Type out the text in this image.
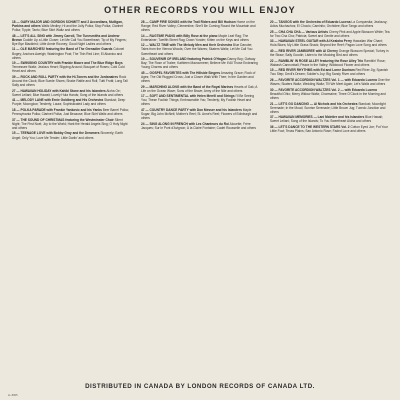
OTHER RECORDS YOU WILL ENJOY
18 — GARY MAJOR AND GORDON SCHMITT and 2 Accordians, Mulligan, Parkins and others Waltz Medley; Hi and the Jolly Polka; Stop Polka; Clarinet Polka; Tipple; Tanto; Blue Skirt Waltz and others
48 — LET'S ALL SING with Jimmy Carroll, The Tunesmiths and Andrew Brown Cuddle Up a Little Closer; Let Me Call You Sweetheart; Tip of My Fingers; Bye Bye Blackbird; Little Annie Rooney; Good Night Ladies and others
11 — OLE MARCHES! featuring the Band of The Grenadier Guards Colonel Bogey; Anchors Aweigh; Washington Post; The Thin Red Line; El Abanico and others
19 — SWINGING COUNTRY with Frankie Moore and The Blue Ridge Boys Tennessee Waltz; Jealous Heart; Slipping Around; Bouquet of Roses; Cold Cold Heart and others
39 — ROCK AND ROLL PARTY with the Hi-Toners and the Jordanaires Rock Around the Clock; Blue Suede Shoes; Shake Rattle and Roll; Tutti Frutti; Long Tall Sally and others
27 — HAWAIIAN HOLIDAY with Kahiki Stone and his Islanders Aloha Oe; Sweet Leilani; Blue Hawaii; Lovely Hula Hands; Song of the Islands and others
41 — MELODY LANE with Ernie Goldberg and His Orchestra Stardust; Deep Purple; Moonglow; Tenderly; Laura; Sophisticated Lady and others
18 — POLKA PARADE with Frankie Yankovic and his Yanks Beer Barrel Polka; Pennsylvania Polka; Clarinet Polka; Just Because; Blue Skirt Waltz and others
37 — THE SOUND OF CHRISTMAS featuring the Westminster Choir Silent Night; The First Noel; Joy to the World; Hark the Herald Angels Sing; O Holy Night and others
15 — TEENAGE LOVE with Bobby Gray and the Dreamers Sincerely; Earth Angel; Only You; Love Me Tender; Little Darlin' and others
28 — CAMP FIRE SONGS with the Trail Riders and Bill Hudson Home on the Range; Red River Valley; Clementine; She'll Be Coming Round the Mountain and others
14 — RAGTIME PIANO with Billy Rose at the piano Maple Leaf Rag; The Entertainer; Twelfth Street Rag; Down Yonder; Kitten on the Keys and others
12 — WALTZ TIME with The Melody Men and their Orchestra Blue Danube; Tales from the Vienna Woods; Over the Waves; Skaters Waltz; Let Me Call You Sweetheart and others
19 — SOUVENIR OF IRELAND featuring Patrick O'Hagan Danny Boy; Galway Bay; The Rose of Tralee; Kathleen Mavourneen; Believe Me If All Those Endearing Young Charms and others
45 — GOSPEL FAVORITES with The Hillside Singers Amazing Grace; Rock of Ages; The Old Rugged Cross; Just a Closer Walk With Thee; In the Garden and others
29 — MARCHING ALONG with the Band of the Royal Marines Hearts of Oak; A Life on the Ocean Wave; Sons of the Brave; Army of the Nile and others
17 — SOFT AND SENTIMENTAL with Helen Merrill and Strings I'll Be Seeing You; These Foolish Things; Embraceable You; Tenderly; My Foolish Heart and others
47 — COUNTRY DANCE PARTY with Don Messer and his Islanders Maple Sugar; Big John McNeil; Mother's Reel; St. Anne's Reel; Flowers of Edinburgh and others
24 — SING ALONG IN FRENCH with Les Chanteurs du Roi Alouette; Frère Jacques; Sur le Pont d'Avignon; À la Claire Fontaine; Cadet Rousselle and others
20 — TANGOS with the Orchestra of Eduardo Lucena La Cumparsita; Jealousy; Adios Muchachos; El Choclo; Caminito; Orchidee; Blue Tango and others
25 — CHA CHA CHA — Various Artists Cherry Pink and Apple Blossom White; Tea for Two Cha Cha; Patricia; Sweet and Gentle and others
33 — HAWAIIAN STEEL GUITAR with Al Kealoha Perry Hawaiian War Chant; Hula Blues; My Little Grass Shack; Beyond the Reef; Pagan Love Song and others
40 — RED RIVER JAMBOREE with Al Cherny Orange Blossom Special; Turkey in the Straw; Sally Goodin; Listen to the Mocking Bird and others
22 — RAMBLIN' IN ROSE ALLEY featuring the Rose Alley Trio Ramblin' Rose; Wabash Cannonball; Peace in the Valley; Wildwood Flower and others
15 — RED RIVER RHYTHMS with Ed and Lorne Dunham Red River Jig; Spanish Two Step; Devil's Dream; Soldier's Joy; Big Sandy River and others
26 — FAVORITE ACCORDION WALTZES Vol. 1 — with Eduardo Lucena Over the Waves; Skaters Waltz; Wedding Waltz; Till We Meet Again; Let's Waltz and others
30 — FAVORITE ACCORDION WALTZES Vol. 2 — with Eduardo Lucena Beautiful Ohio; Merry Widow Waltz; Charmaine; Three O'Clock in the Morning and others
21 — LET'S GO DANCING — Al Nichols and his Orchestra Stardust; Moonlight Serenade; In the Mood; Sunrise Serenade; Little Brown Jug; Tuxedo Junction and others
37 — HAWAIIAN MEMORIES — Lani McIntire and his Islanders Blue Hawaii; Sweet Leilani; Song of the Islands; To You Sweetheart Aloha and others
36 — LET'S DANCE TO THE WESTERN STARS Vol. 2 Cotton Eyed Joe; Put Your Little Foot; Texas Plains; San Antonio Rose; Faded Love and others
DISTRIBUTED IN CANADA BY LONDON RECORDS OF CANADA LTD.
LL-5005
